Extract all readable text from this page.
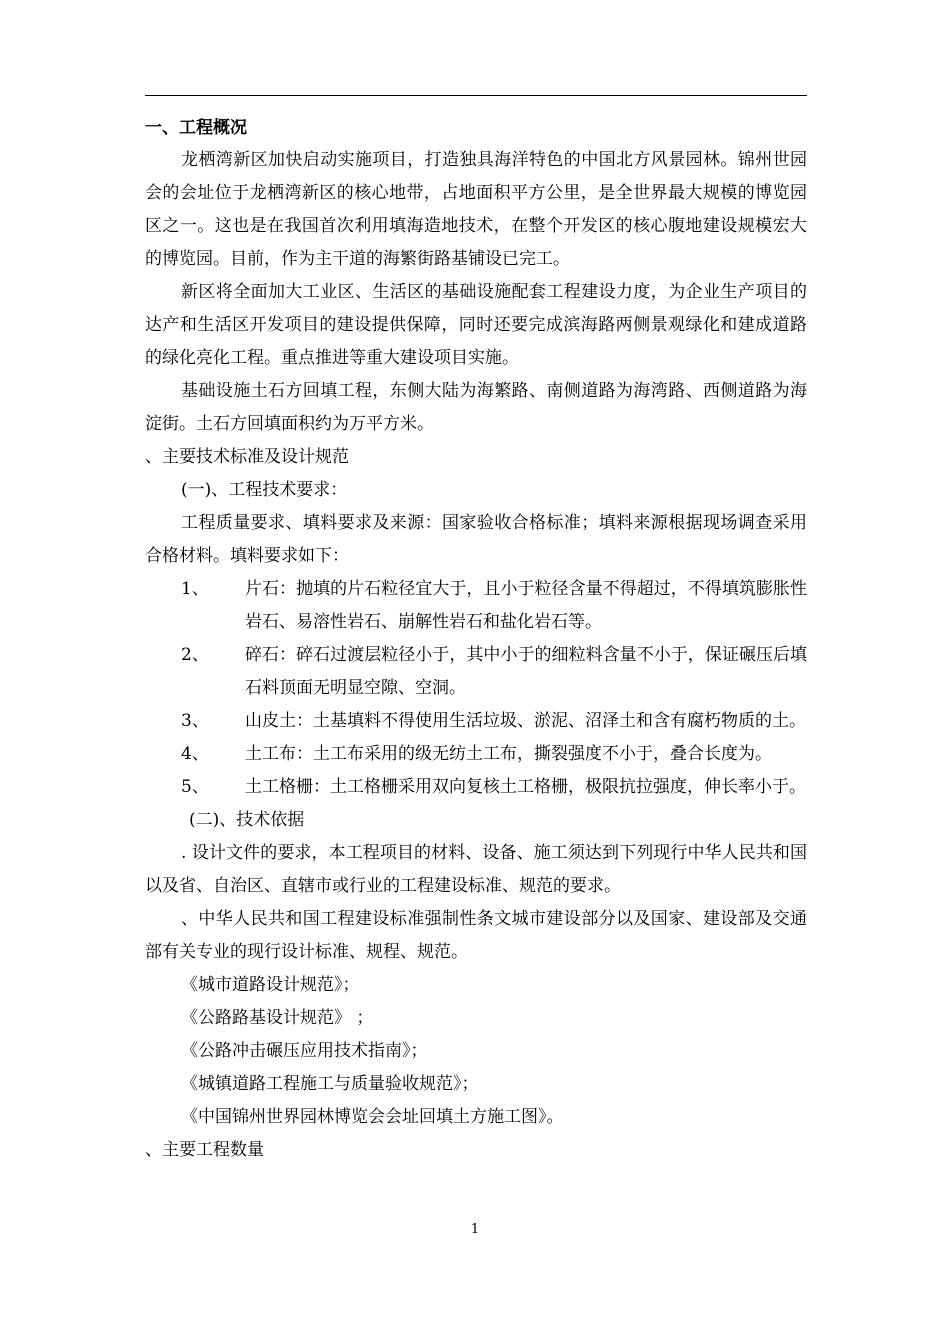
一、工程概况

龙栖湾新区加快启动实施项目，打造独具海洋特色的中国北方风景园林。锦州世园会的会址位于龙栖湾新区的核心地带，占地面积平方公里，是全世界最大规模的博览园区之一。这也是在我国首次利用填海造地技术，在整个开发区的核心腹地建设规模宏大的博览园。目前，作为主干道的海繁街路基铺设已完工。

新区将全面加大工业区、生活区的基础设施配套工程建设力度，为企业生产项目的达产和生活区开发项目的建设提供保障，同时还要完成滨海路两侧景观绿化和建成道路的绿化亮化工程。重点推进等重大建设项目实施。

基础设施土石方回填工程，东侧大陆为海繁路、南侧道路为海湾路、西侧道路为海淀街。土石方回填面积约为万平方米。

、主要技术标准及设计规范

(一)、工程技术要求：

工程质量要求、填料要求及来源：国家验收合格标准；填料来源根据现场调查采用合格材料。填料要求如下：

1、	片石：抛填的片石粒径宜大于，且小于粒径含量不得超过，不得填筑膨胀性岩石、易溶性岩石、崩解性岩石和盐化岩石等。
2、	碎石：碎石过渡层粒径小于，其中小于的细粒料含量不小于，保证碾压后填石料顶面无明显空隙、空洞。
3、	山皮土：土基填料不得使用生活垃圾、淤泥、沼泽土和含有腐朽物质的土。
4、	土工布：土工布采用的级无纺土工布，撕裂强度不小于，叠合长度为。
5、	土工格栅：土工格栅采用双向复核土工格栅，极限抗拉强度，伸长率小于。

(二)、技术依据

. 设计文件的要求，本工程项目的材料、设备、施工须达到下列现行中华人民共和国以及省、自治区、直辖市或行业的工程建设标准、规范的要求。

、中华人民共和国工程建设标准强制性条文城市建设部分以及国家、建设部及交通部有关专业的现行设计标准、规程、规范。

《城市道路设计规范》；

《公路路基设计规范》 ；

《公路冲击碾压应用技术指南》；

《城镇道路工程施工与质量验收规范》；

《中国锦州世界园林博览会会址回填土方施工图》。

、主要工程数量

1
